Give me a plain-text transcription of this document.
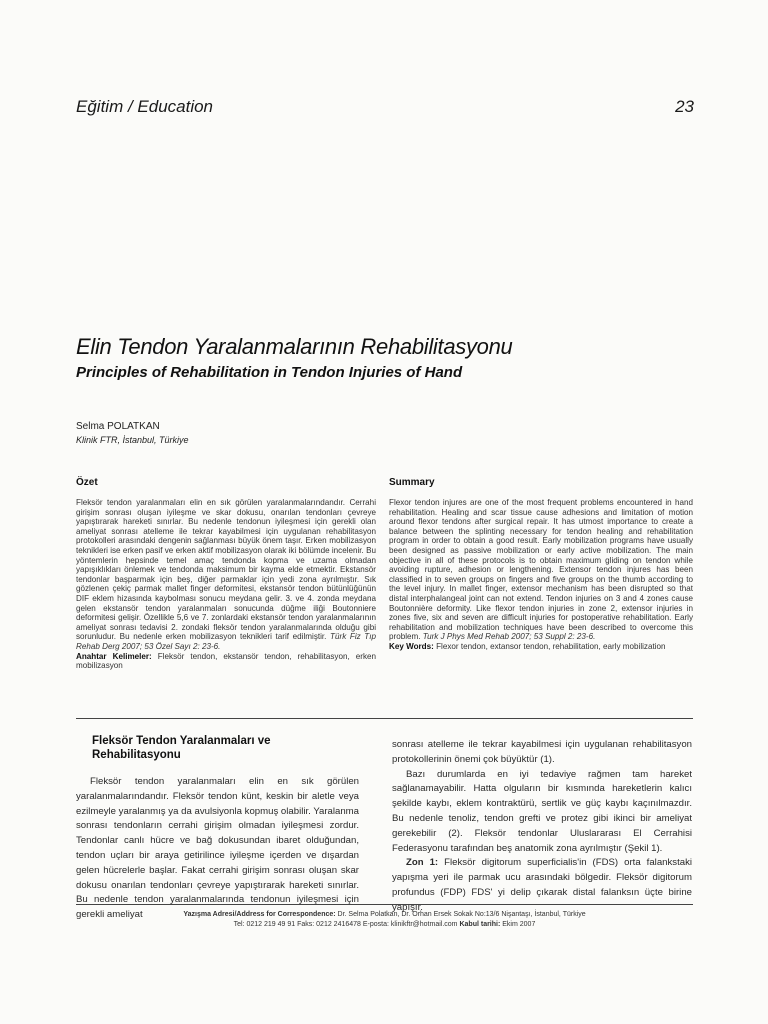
Eğitim / Education	23
Elin Tendon Yaralanmalarının Rehabilitasyonu
Principles of Rehabilitation in Tendon Injuries of Hand
Selma POLATKAN
Klinik FTR, İstanbul, Türkiye
Özet	Summary

Fleksör tendon yaralanmaları elin en sık görülen yaralanmalarındandır. Cerrahi girişim sonrası oluşan iyileşme ve skar dokusu, onarılan tendonları çevreye yapıştırarak hareketi sınırlar. Bu nedenle tendonun iyileşmesi için gerekli olan ameliyat sonrası atelleme ile tekrar kayabilmesi için uygulanan rehabilitasyon protokolleri arasındaki dengenin sağlanması büyük önem taşır. Erken mobilizasyon teknikleri ise erken pasif ve erken aktif mobilizasyon olarak iki bölümde incelenir. Bu yöntemlerin hepsinde temel amaç tendonda kopma ve uzama olmadan yapışıklıkları önlemek ve tendonda maksimum bir kayma elde etmektir. Ekstansör tendonlar başparmak için beş, diğer parmaklar için yedi zona ayrılmıştır. Sık gözlenen çekiç parmak mallet finger deformitesi, ekstansör tendon bütünlüğünün DIF eklem hizasında kaybolması sonucu meydana gelir. 3. ve 4. zonda meydana gelen ekstansör tendon yaralanmaları sonucunda düğme iliği Boutonniere deformitesi gelişir. Özellikle 5,6 ve 7. zonlardaki ekstansör tendon yaralanmalarının ameliyat sonrası tedavisi 2. zondaki fleksör tendon yaralanmalarında olduğu gibi sorunludur. Bu nedenle erken mobilizasyon teknikleri tarif edilmiştir. Türk Fiz Tıp Rehab Derg 2007; 53 Özel Sayı 2: 23-6.

Anahtar Kelimeler: Fleksör tendon, ekstansör tendon, rehabilitasyon, erken mobilizasyon

Flexor tendon injures are one of the most frequent problems encountered in hand rehabilitation. Healing and scar tissue cause adhesions and limitation of motion around flexor tendons after surgical repair. It has utmost importance to create a balance between the splinting necessary for tendon healing and rehabilitation program in order to obtain a good result. Early mobilization programs have usually been designed as passive mobilization or early active mobilization. The main objective in all of these protocols is to obtain maximum gliding on tendon while avoiding rupture, adhesion or lengthening. Extensor tendon injures has been classified in to seven groups on fingers and five groups on the thumb according to the level injury. In mallet finger, extensor mechanism has been disrupted so that distal interphalangeal joint can not extend. Tendon injuries on 3 and 4 zones cause Boutonnière deformity. Like flexor tendon injuries in zone 2, extensor injuries in zones five, six and seven are difficult injuries for postoperative rehabilitation. Early rehabilitation and mobilization techniques have been described to overcome this problem. Turk J Phys Med Rehab 2007; 53 Suppl 2: 23-6.

Key Words: Flexor tendon, extansor tendon, rehabilitation, early mobilization

Fleksör Tendon Yaralanmaları ve Rehabilitasyonu

Fleksör tendon yaralanmaları elin en sık görülen yaralanmalarındandır. Fleksör tendon künt, keskin bir aletle veya ezilmeyle yaralanmış ya da avulsiyonla kopmuş olabilir. Yaralanma sonrası tendonların cerrahi girişim olmadan iyileşmesi zordur. Tendonlar canlı hücre ve bağ dokusundan ibaret olduğundan, tendon uçları bir araya getirilince iyileşme içerden ve dışardan gelen hücrelerle başlar. Fakat cerrahi girişim sonrası oluşan skar dokusu onarılan tendonları çevreye yapıştırarak hareketi sınırlar. Bu nedenle tendon yaralanmalarında tendonun iyileşmesi için gerekli ameliyat

sonrası atelleme ile tekrar kayabilmesi için uygulanan rehabilitasyon protokollerinin önemi çok büyüktür (1).

Bazı durumlarda en iyi tedaviye rağmen tam hareket sağlanamayabilir. Hatta olguların bir kısmında hareketlerin kalıcı şekilde kaybı, eklem kontraktürü, sertlik ve güç kaybı kaçınılmazdır. Bu nedenle tenoliz, tendon grefti ve protez gibi ikinci bir ameliyat gerekebilir (2). Fleksör tendonlar Uluslararası El Cerrahisi Federasyonu tarafından beş anatomik zona ayrılmıştır (Şekil 1).

Zon 1: Fleksör digitorum superficialis'in (FDS) orta falankstaki yapışma yeri ile parmak ucu arasındaki bölgedir. Fleksör digitorum profundus (FDP) FDS' yi delip çıkarak distal falanksın üçte birine yapışır.

Yazışma Adresi/Address for Correspondence: Dr. Selma Polatkan, Dr. Orhan Ersek Sokak No:13/6 Nişantaşı, İstanbul, Türkiye
Tel: 0212 219 49 91 Faks: 0212 2416478 E-posta: klinikftr@hotmail.com Kabul tarihi: Ekim 2007
